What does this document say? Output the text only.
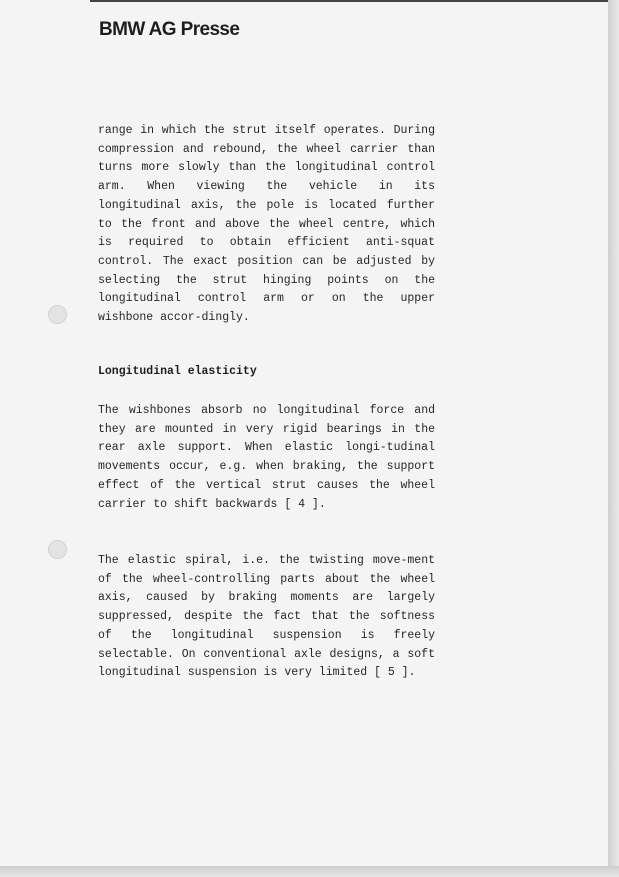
BMW AG Presse

range in which the strut itself operates. During compression and rebound, the wheel carrier than turns more slowly than the longitudinal control arm. When viewing the vehicle in its longitudinal axis, the pole is located further to the front and above the wheel centre, which is required to obtain efficient anti-squat control. The exact position can be adjusted by selecting the strut hinging points on the longitudinal control arm or on the upper wishbone accor-dingly.

Longitudinal elasticity

The wishbones absorb no longitudinal force and they are mounted in very rigid bearings in the rear axle support. When elastic longi-tudinal movements occur, e.g. when braking, the support effect of the vertical strut causes the wheel carrier to shift backwards [ 4 ].

The elastic spiral, i.e. the twisting move-ment of the wheel-controlling parts about the wheel axis, caused by braking moments are largely suppressed, despite the fact that the softness of the longitudinal suspension is freely selectable. On conventional axle designs, a soft longitudinal suspension is very limited [ 5 ].
